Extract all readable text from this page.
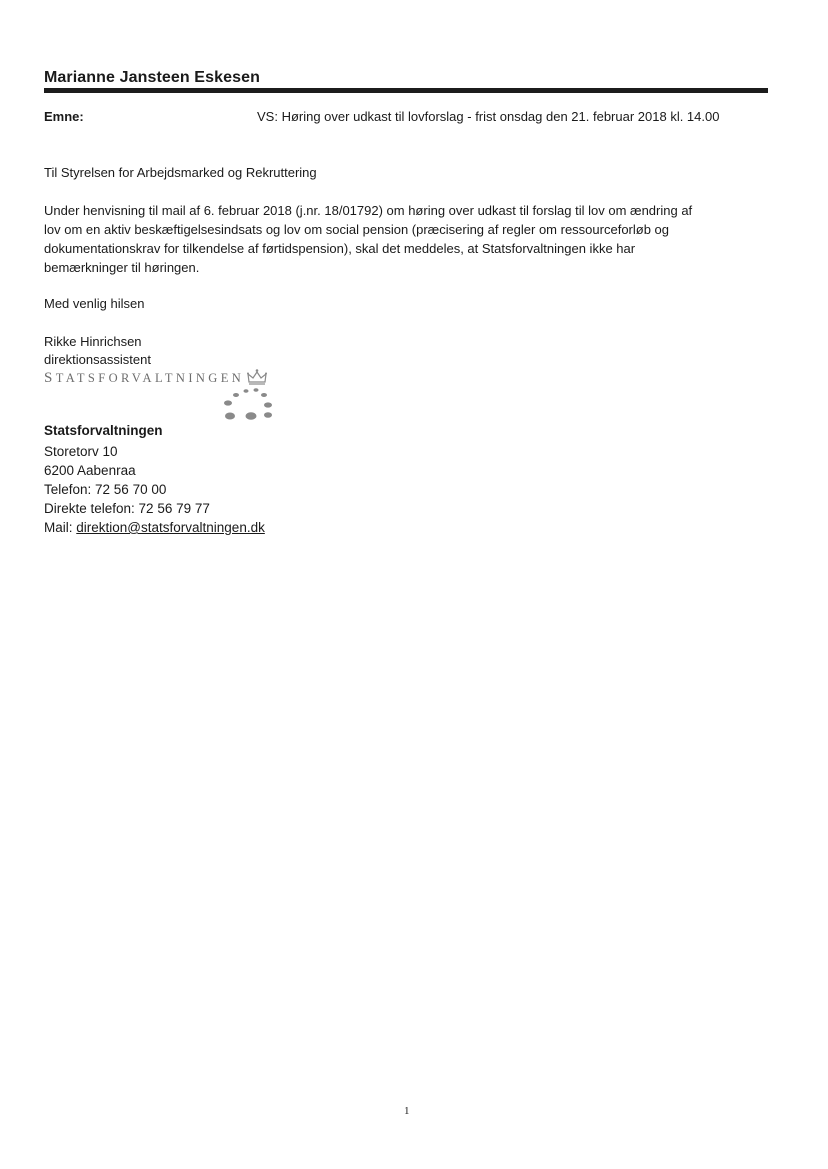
Marianne Jansteen Eskesen
Emne:	VS: Høring over udkast til lovforslag - frist onsdag den 21. februar 2018 kl. 14.00
Til Styrelsen for Arbejdsmarked og Rekruttering
Under henvisning til mail af 6. februar 2018 (j.nr. 18/01792) om høring over udkast til forslag til lov om ændring af
lov om en aktiv beskæftigelsesindsats og lov om social pension (præcisering af regler om ressourceforløb og
dokumentationskrav for tilkendelse af førtidspension), skal det meddeles, at Statsforvaltningen ikke har
bemærkninger til høringen.
Med venlig hilsen
Rikke Hinrichsen
direktionsassistent
STATSFORVALTNINGEN
Statsforvaltningen
Storetorv 10
6200 Aabenraa
Telefon: 72 56 70 00
Direkte telefon: 72 56 79 77
Mail: direktion@statsforvaltningen.dk
1
